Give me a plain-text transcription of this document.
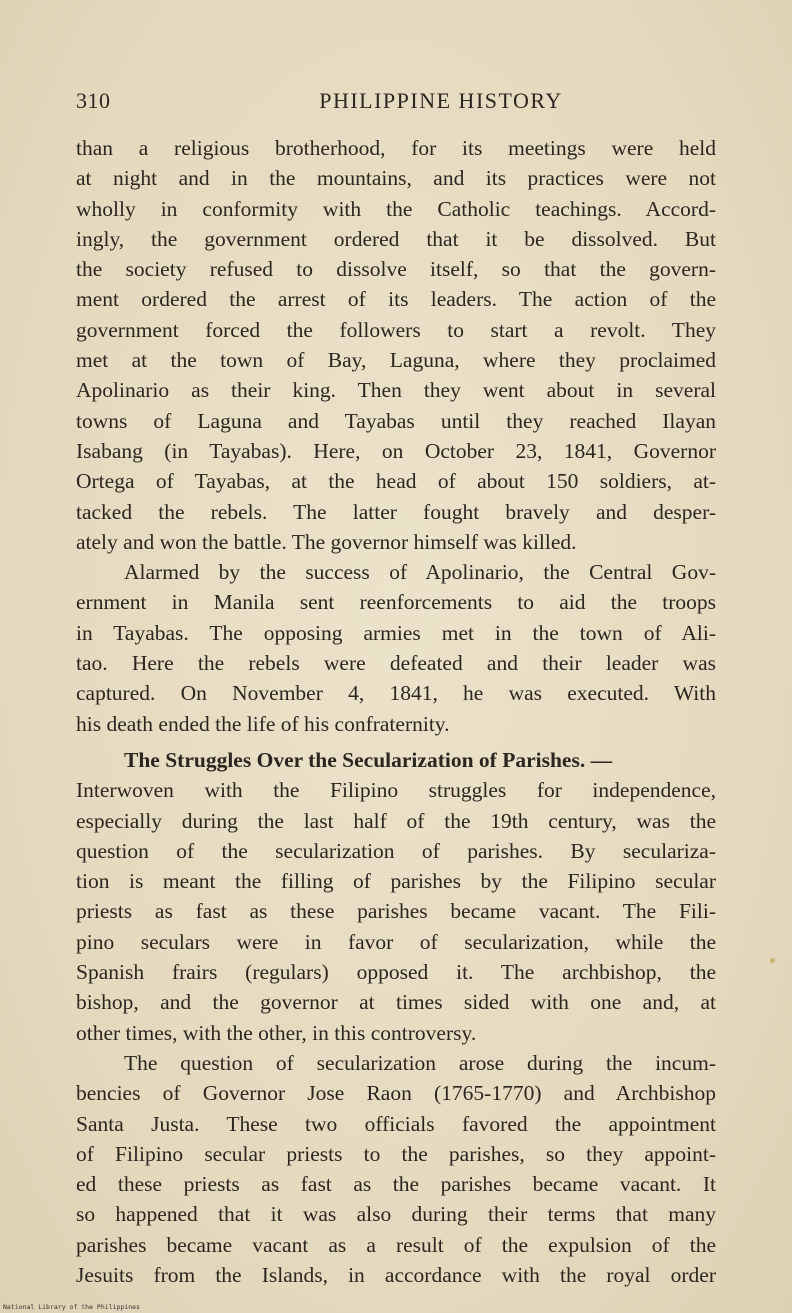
310	PHILIPPINE HISTORY
than a religious brotherhood, for its meetings were held
at night and in the mountains, and its practices were not
wholly in conformity with the Catholic teachings. Accord-
ingly, the government ordered that it be dissolved. But
the society refused to dissolve itself, so that the govern-
ment ordered the arrest of its leaders. The action of the
government forced the followers to start a revolt. They
met at the town of Bay, Laguna, where they proclaimed
Apolinario as their king. Then they went about in several
towns of Laguna and Tayabas until they reached Ilayan
Isabang (in Tayabas). Here, on October 23, 1841, Governor
Ortega of Tayabas, at the head of about 150 soldiers, at-
tacked the rebels. The latter fought bravely and desper-
ately and won the battle. The governor himself was killed.
Alarmed by the success of Apolinario, the Central Gov-
ernment in Manila sent reenforcements to aid the troops
in Tayabas. The opposing armies met in the town of Ali-
tao. Here the rebels were defeated and their leader was
captured. On November 4, 1841, he was executed. With
his death ended the life of his confraternity.
The Struggles Over the Secularization of Parishes. —
Interwoven with the Filipino struggles for independence,
especially during the last half of the 19th century, was the
question of the secularization of parishes. By seculariza-
tion is meant the filling of parishes by the Filipino secular
priests as fast as these parishes became vacant. The Fili-
pino seculars were in favor of secularization, while the
Spanish frairs (regulars) opposed it. The archbishop, the
bishop, and the governor at times sided with one and, at
other times, with the other, in this controversy.
The question of secularization arose during the incum-
bencies of Governor Jose Raon (1765-1770) and Archbishop
Santa Justa. These two officials favored the appointment
of Filipino secular priests to the parishes, so they appoint-
ed these priests as fast as the parishes became vacant. It
so happened that it was also during their terms that many
parishes became vacant as a result of the expulsion of the
Jesuits from the Islands, in accordance with the royal order
National Library of the Philippines
